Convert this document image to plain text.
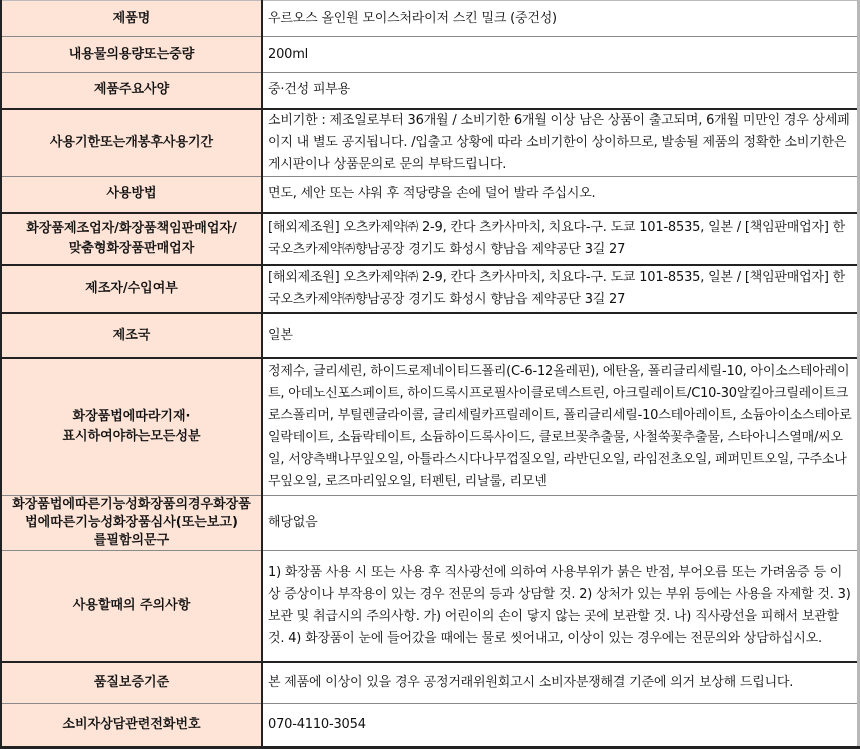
제품명	우르오스 올인원 모이스처라이저 스킨 밀크 (중건성)
내용물의용량또는중량	200ml
제품주요사양	중·건성 피부용
사용기한또는개봉후사용기간	소비기한 : 제조일로부터 36개월 / 소비기한 6개월 이상 남은 상품이 출고되며, 6개월 미만인 경우 상세페이지 내 별도 공지됩니다. /입출고 상황에 따라 소비기한이 상이하므로, 발송될 제품의 정확한 소비기한은 게시판이나 상품문의로 문의 부탁드립니다.
사용방법	면도, 세안 또는 샤워 후 적당량을 손에 덜어 발라 주십시오.
화장품제조업자/화장품책임판매업자/맞춤형화장품판매업자	[해외제조원] 오츠카제약㈜ 2-9, 칸다 츠카사마치, 치요다-구. 도쿄 101-8535, 일본 / [책임판매업자] 한국오츠카제약㈜향남공장 경기도 화성시 향남읍 제약공단 3길 27
제조자/수입여부	[해외제조원] 오츠카제약㈜ 2-9, 칸다 츠카사마치, 치요다-구. 도쿄 101-8535, 일본 / [책임판매업자] 한국오츠카제약㈜향남공장 경기도 화성시 향남읍 제약공단 3길 27
제조국	일본
화장품법에따라기재·표시하여야하는모든성분	정제수, 글리세린, 하이드로제네이티드폴리(C-6-12올레핀), 에탄올, 폴리글리세릴-10, 아이소스테아레이트, 아데노신포스페이트, 하이드록시프로필사이클로덱스트린, 아크릴레이트/C10-30알킬아크릴레이트크로스폴리머, 부틸렌글라이콜, 글리세릴카프릴레이트, 폴리글리세릴-10스테아레이트, 소듐아이소스테아로일락테이트, 소듐락테이트, 소듐하이드록사이드, 클로브꽃추출물, 사철쑥꽃추출물, 스타아니스열매/씨오일, 서양측백나무잎오일, 아틀라스시다나무껍질오일, 라반딘오일, 라임전초오일, 페퍼민트오일, 구주소나무잎오일, 로즈마리잎오일, 터펜틴, 리날룰, 리모넨
화장품법에따른기능성화장품의경우화장품법에따른기능성화장품심사(또는보고)를필함의문구	해당없음
사용할때의 주의사항	1) 화장품 사용 시 또는 사용 후 직사광선에 의하여 사용부위가 붉은 반점, 부어오름 또는 가려움증 등 이상 증상이나 부작용이 있는 경우 전문의 등과 상담할 것. 2) 상처가 있는 부위 등에는 사용을 자제할 것. 3) 보관 및 취급시의 주의사항. 가) 어린이의 손이 닿지 않는 곳에 보관할 것. 나) 직사광선을 피해서 보관할 것. 4) 화장품이 눈에 들어갔을 때에는 물로 씻어내고, 이상이 있는 경우에는 전문의와 상담하십시오.
품질보증기준	본 제품에 이상이 있을 경우 공정거래위원회고시 소비자분쟁해결 기준에 의거 보상해 드립니다.
소비자상담관련전화번호	070-4110-3054
